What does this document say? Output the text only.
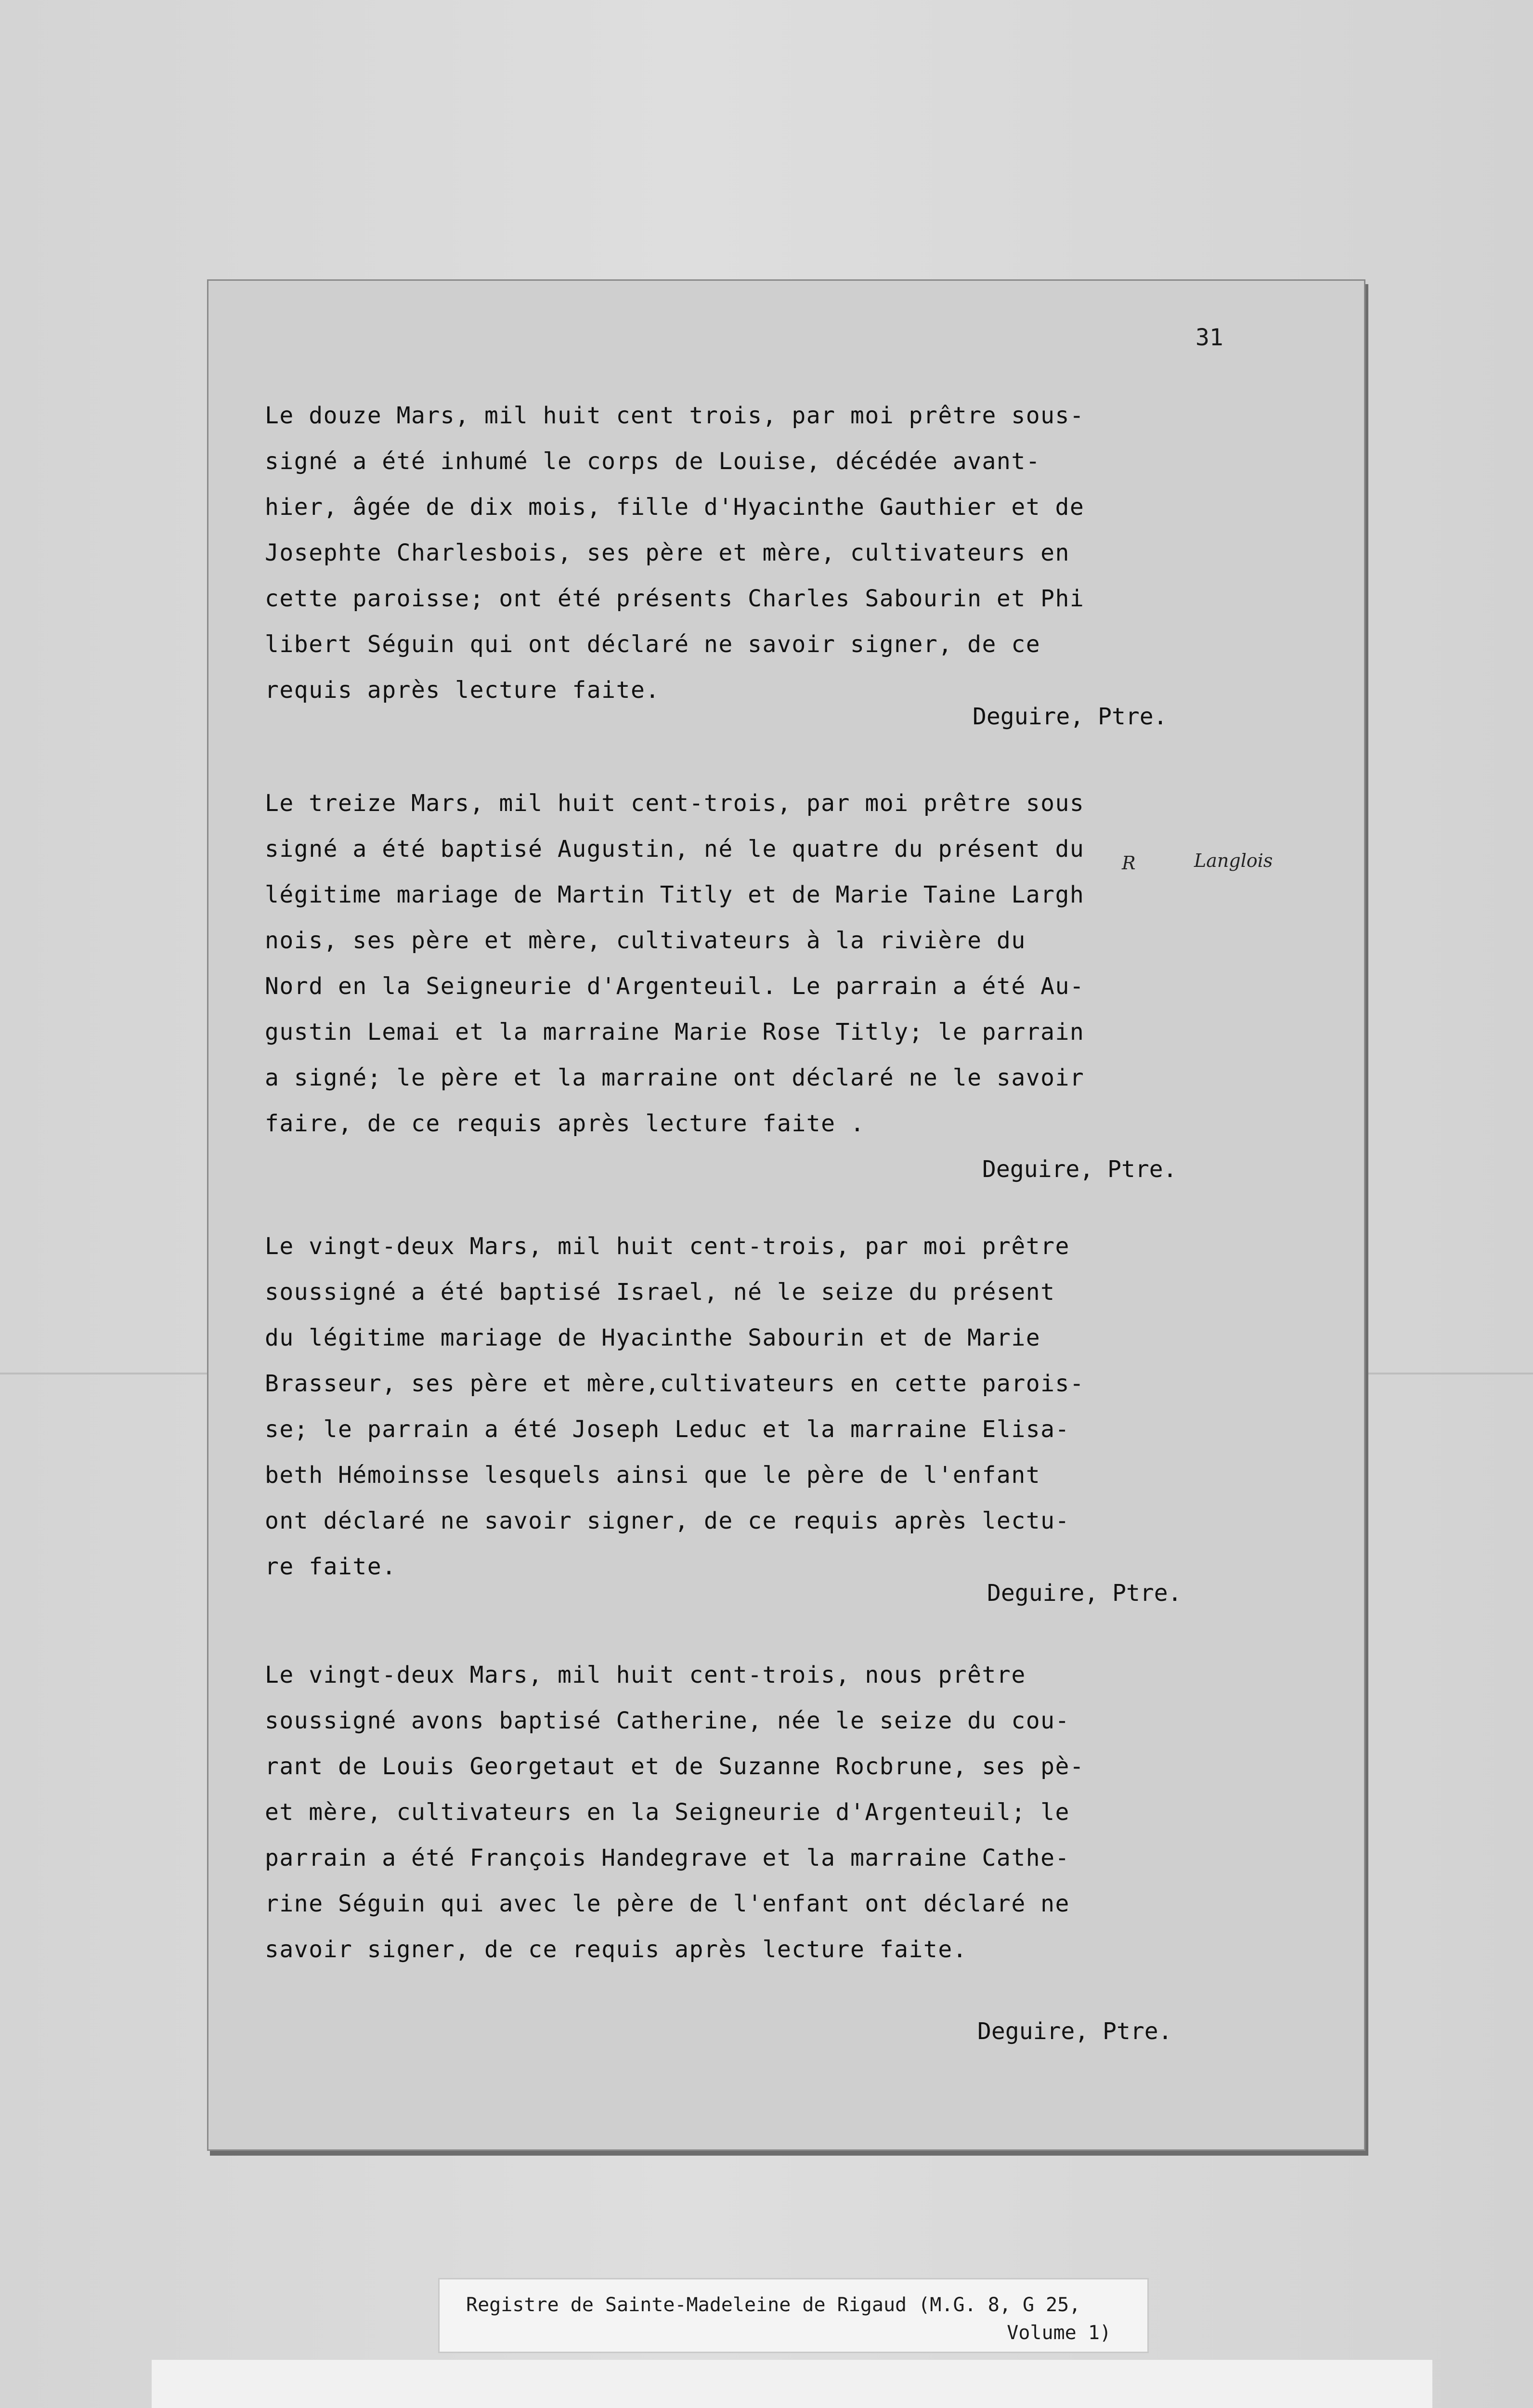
31
Le douze Mars, mil huit cent trois, par moi prêtre sous-
signé a été inhumé le corps de Louise, décédée avant-
hier, âgée de dix mois, fille d'Hyacinthe Gauthier et de
Josephte Charlesbois, ses père et mère, cultivateurs en
cette paroisse; ont été présents Charles Sabourin et Phi
libert Séguin qui ont déclaré ne savoir signer, de ce
requis après lecture faite.
Deguire, Ptre.
Le treize Mars, mil huit cent-trois, par moi prêtre sous
signé a été baptisé Augustin, né le quatre du présent du
légitime mariage de Martin Titly et de Marie Taine Largh
nois, ses père et mère, cultivateurs à la rivière du
Nord en la Seigneurie d'Argenteuil. Le parrain a été Au-
gustin Lemai et la marraine Marie Rose Titly; le parrain
a signé; le père et la marraine ont déclaré ne le savoir
faire, de ce requis après lecture faite .
Deguire, Ptre.
R	Langlois
Le vingt-deux Mars, mil huit cent-trois, par moi prêtre
soussigné a été baptisé Israel, né le seize du présent
du légitime mariage de Hyacinthe Sabourin et de Marie
Brasseur, ses père et mère,cultivateurs en cette parois-
se; le parrain a été Joseph Leduc et la marraine Elisa-
beth Hémoinsse lesquels ainsi que le père de l'enfant
ont déclaré ne savoir signer, de ce requis après lectu-
re faite.
Deguire, Ptre.
Le vingt-deux Mars, mil huit cent-trois, nous prêtre
soussigné avons baptisé Catherine, née le seize du cou-
rant de Louis Georgetaut et de Suzanne Rocbrune, ses pè-
et mère, cultivateurs en la Seigneurie d'Argenteuil; le
parrain a été François Handegrave et la marraine Cathe-
rine Séguin qui avec le père de l'enfant ont déclaré ne
savoir signer, de ce requis après lecture faite.
Deguire, Ptre.
Registre de Sainte-Madeleine de Rigaud (M.G. 8, G 25,
Volume 1)
